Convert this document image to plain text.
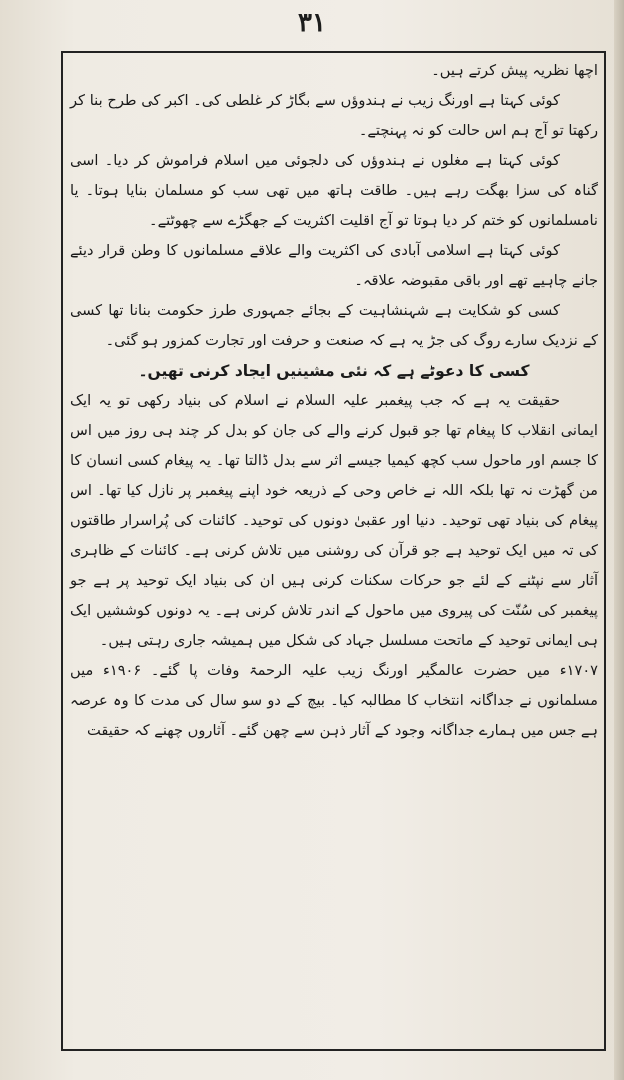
۳۱

اچھا نظریہ پیش کرتے ہیں۔

کوئی کہتا ہے اورنگ زیب نے ہندوؤں سے بگاڑ کر غلطی کی۔ اکبر کی طرح بنا کر رکھتا تو آج ہم اس حالت کو نہ پہنچتے۔

کوئی کہتا ہے مغلوں نے ہندوؤں کی دلجوئی میں اسلام فراموش کر دیا۔ اسی گناہ کی سزا بھگت رہے ہیں۔ طاقت ہاتھ میں تھی سب کو مسلمان بنایا ہوتا۔ یا نامسلمانوں کو ختم کر دیا ہوتا تو آج اقلیت اکثریت کے جھگڑے سے چھوٹتے۔

کوئی کہتا ہے اسلامی آبادی کی اکثریت والے علاقے مسلمانوں کا وطن قرار دیئے جانے چاہیے تھے اور باقی مقبوضہ علاقہ۔

کسی کو شکایت ہے شہنشاہیت کے بجائے جمہوری طرز حکومت بنانا تھا کسی کے نزدیک سارے روگ کی جڑ یہ ہے کہ صنعت و حرفت اور تجارت کمزور ہو گئی۔

کسی کا دعوٹے ہے کہ نئی مشینیں ایجاد کرنی تھیں۔

حقیقت یہ ہے کہ جب پیغمبر علیہ السلام نے اسلام کی بنیاد رکھی تو یہ ایک ایمانی انقلاب کا پیغام تھا جو قبول کرنے والے کی جان کو بدل کر چند ہی روز میں اس کا جسم اور ماحول سب کچھ کیمیا جیسے اثر سے بدل ڈالتا تھا۔ یہ پیغام کسی انسان کا من گھڑت نہ تھا بلکہ اللہ نے خاص وحی کے ذریعہ خود اپنے پیغمبر پر نازل کیا تھا۔ اس پیغام کی بنیاد تھی توحید۔ دنیا اور عقبیٰ دونوں کی توحید۔ کائنات کی پُراسرار طاقتوں کی تہ میں ایک توحید ہے جو قرآن کی روشنی میں تلاش کرنی ہے۔ کائنات کے ظاہری آثار سے نپٹنے کے لئے جو حرکات سکنات کرنی ہیں ان کی بنیاد ایک توحید پر ہے جو پیغمبر کی سُنّت کی پیروی میں ماحول کے اندر تلاش کرنی ہے۔ یہ دونوں کوششیں ایک ہی ایمانی توحید کے ماتحت مسلسل جہاد کی شکل میں ہمیشہ جاری رہتی ہیں۔

۱۷۰۷ء میں حضرت عالمگیر اورنگ زیب علیہ الرحمۃ وفات پا گئے۔ ۱۹۰۶ء میں مسلمانوں نے جداگانہ انتخاب کا مطالبہ کیا۔ بیچ کے دو سو سال کی مدت کا وہ عرصہ ہے جس میں ہمارے جداگانہ وجود کے آثار ذہن سے چھن گئے۔ آثاروں چھنے کہ حقیقت
